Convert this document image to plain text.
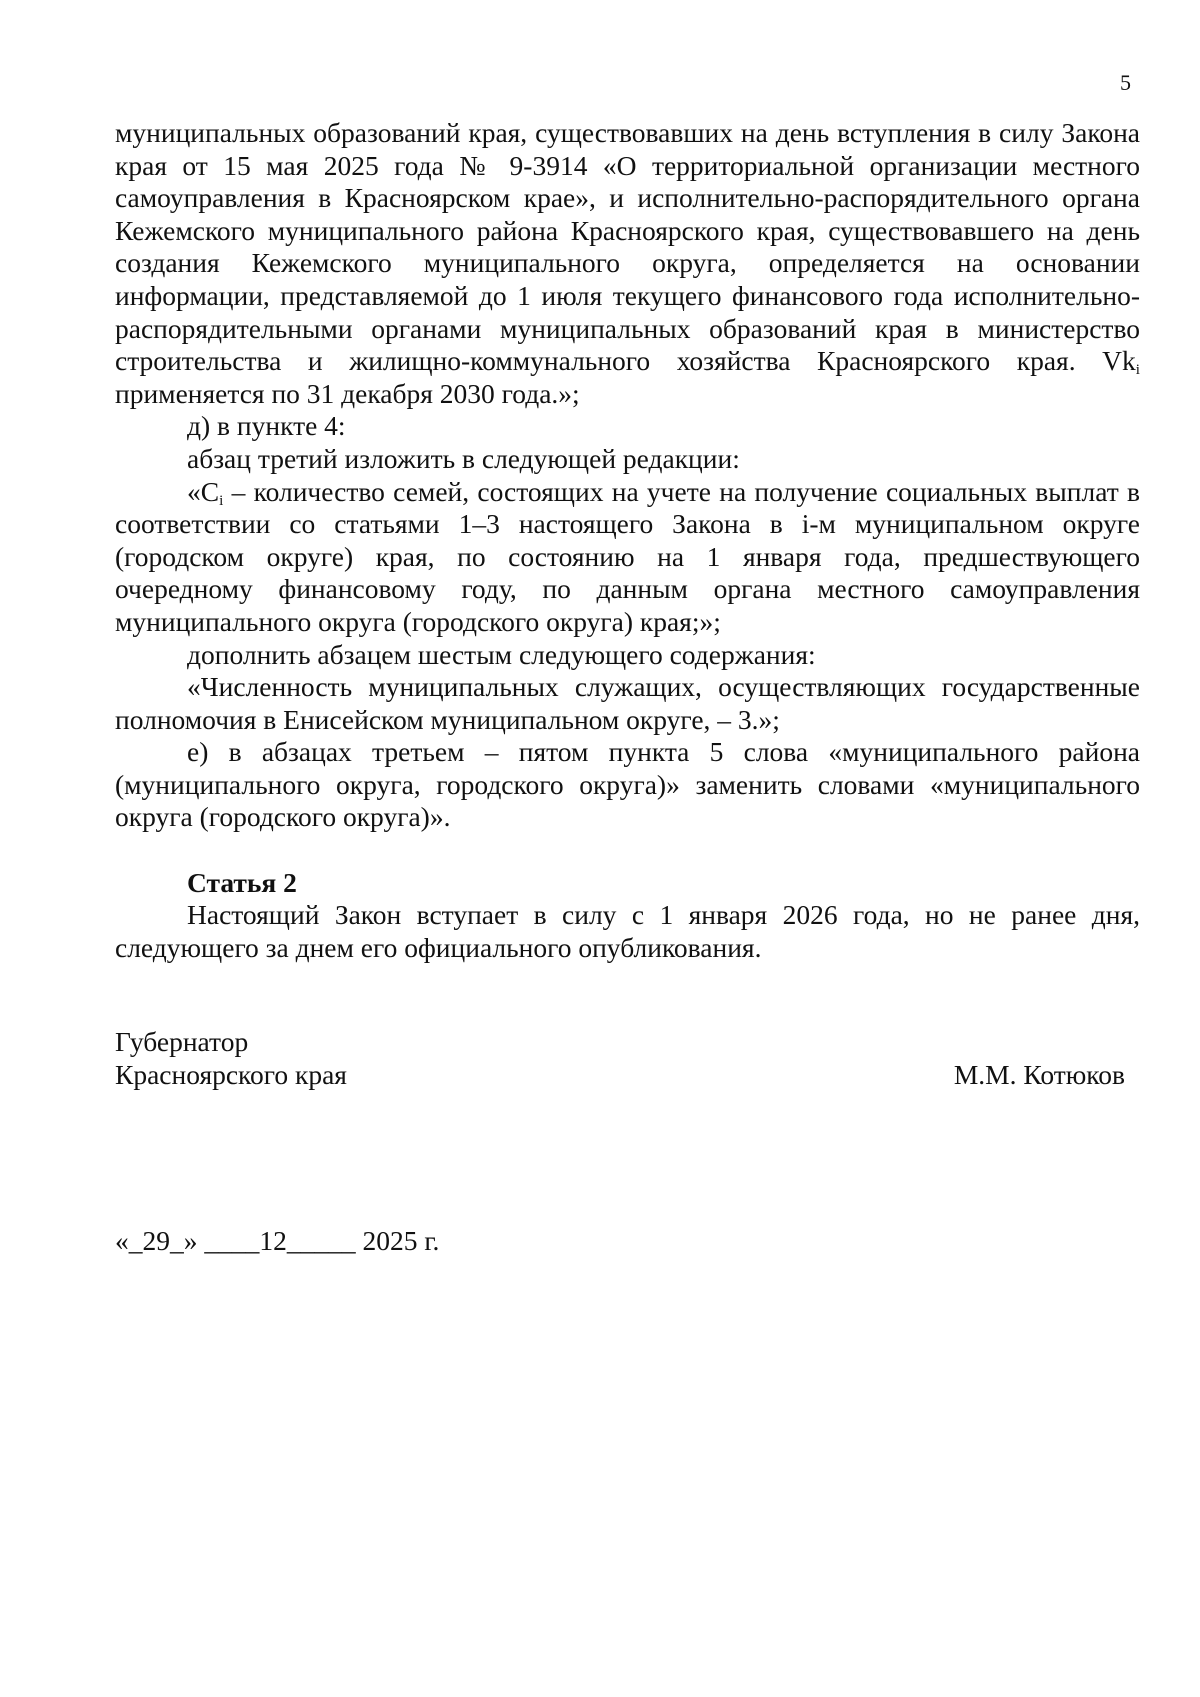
5

муниципальных образований края, существовавших на день вступления в силу Закона края от 15 мая 2025 года № 9-3914 «О территориальной организации местного самоуправления в Красноярском крае», и исполнительно-распорядительного органа Кежемского муниципального района Красноярского края, существовавшего на день создания Кежемского муниципального округа, определяется на основании информации, представляемой до 1 июля текущего финансового года исполнительно-распорядительными органами муниципальных образований края в министерство строительства и жилищно-коммунального хозяйства Красноярского края. $Vk_i$ применяется по 31 декабря 2030 года.»;

д) в пункте 4:

абзац третий изложить в следующей редакции:

«$C_i$ – количество семей, состоящих на учете на получение социальных выплат в соответствии со статьями 1–3 настоящего Закона в i-м муниципальном округе (городском округе) края, по состоянию на 1 января года, предшествующего очередному финансовому году, по данным органа местного самоуправления муниципального округа (городского округа) края;»;

дополнить абзацем шестым следующего содержания:

«Численность муниципальных служащих, осуществляющих государственные полномочия в Енисейском муниципальном округе, – 3.»;

е) в абзацах третьем – пятом пункта 5 слова «муниципального района (муниципального округа, городского округа)» заменить словами «муниципального округа (городского округа)».

Статья 2

Настоящий Закон вступает в силу с 1 января 2026 года, но не ранее дня, следующего за днем его официального опубликования.

Губернатор
Красноярского края	М.М. Котюков
«_29_» ____12_____ 2025 г.
